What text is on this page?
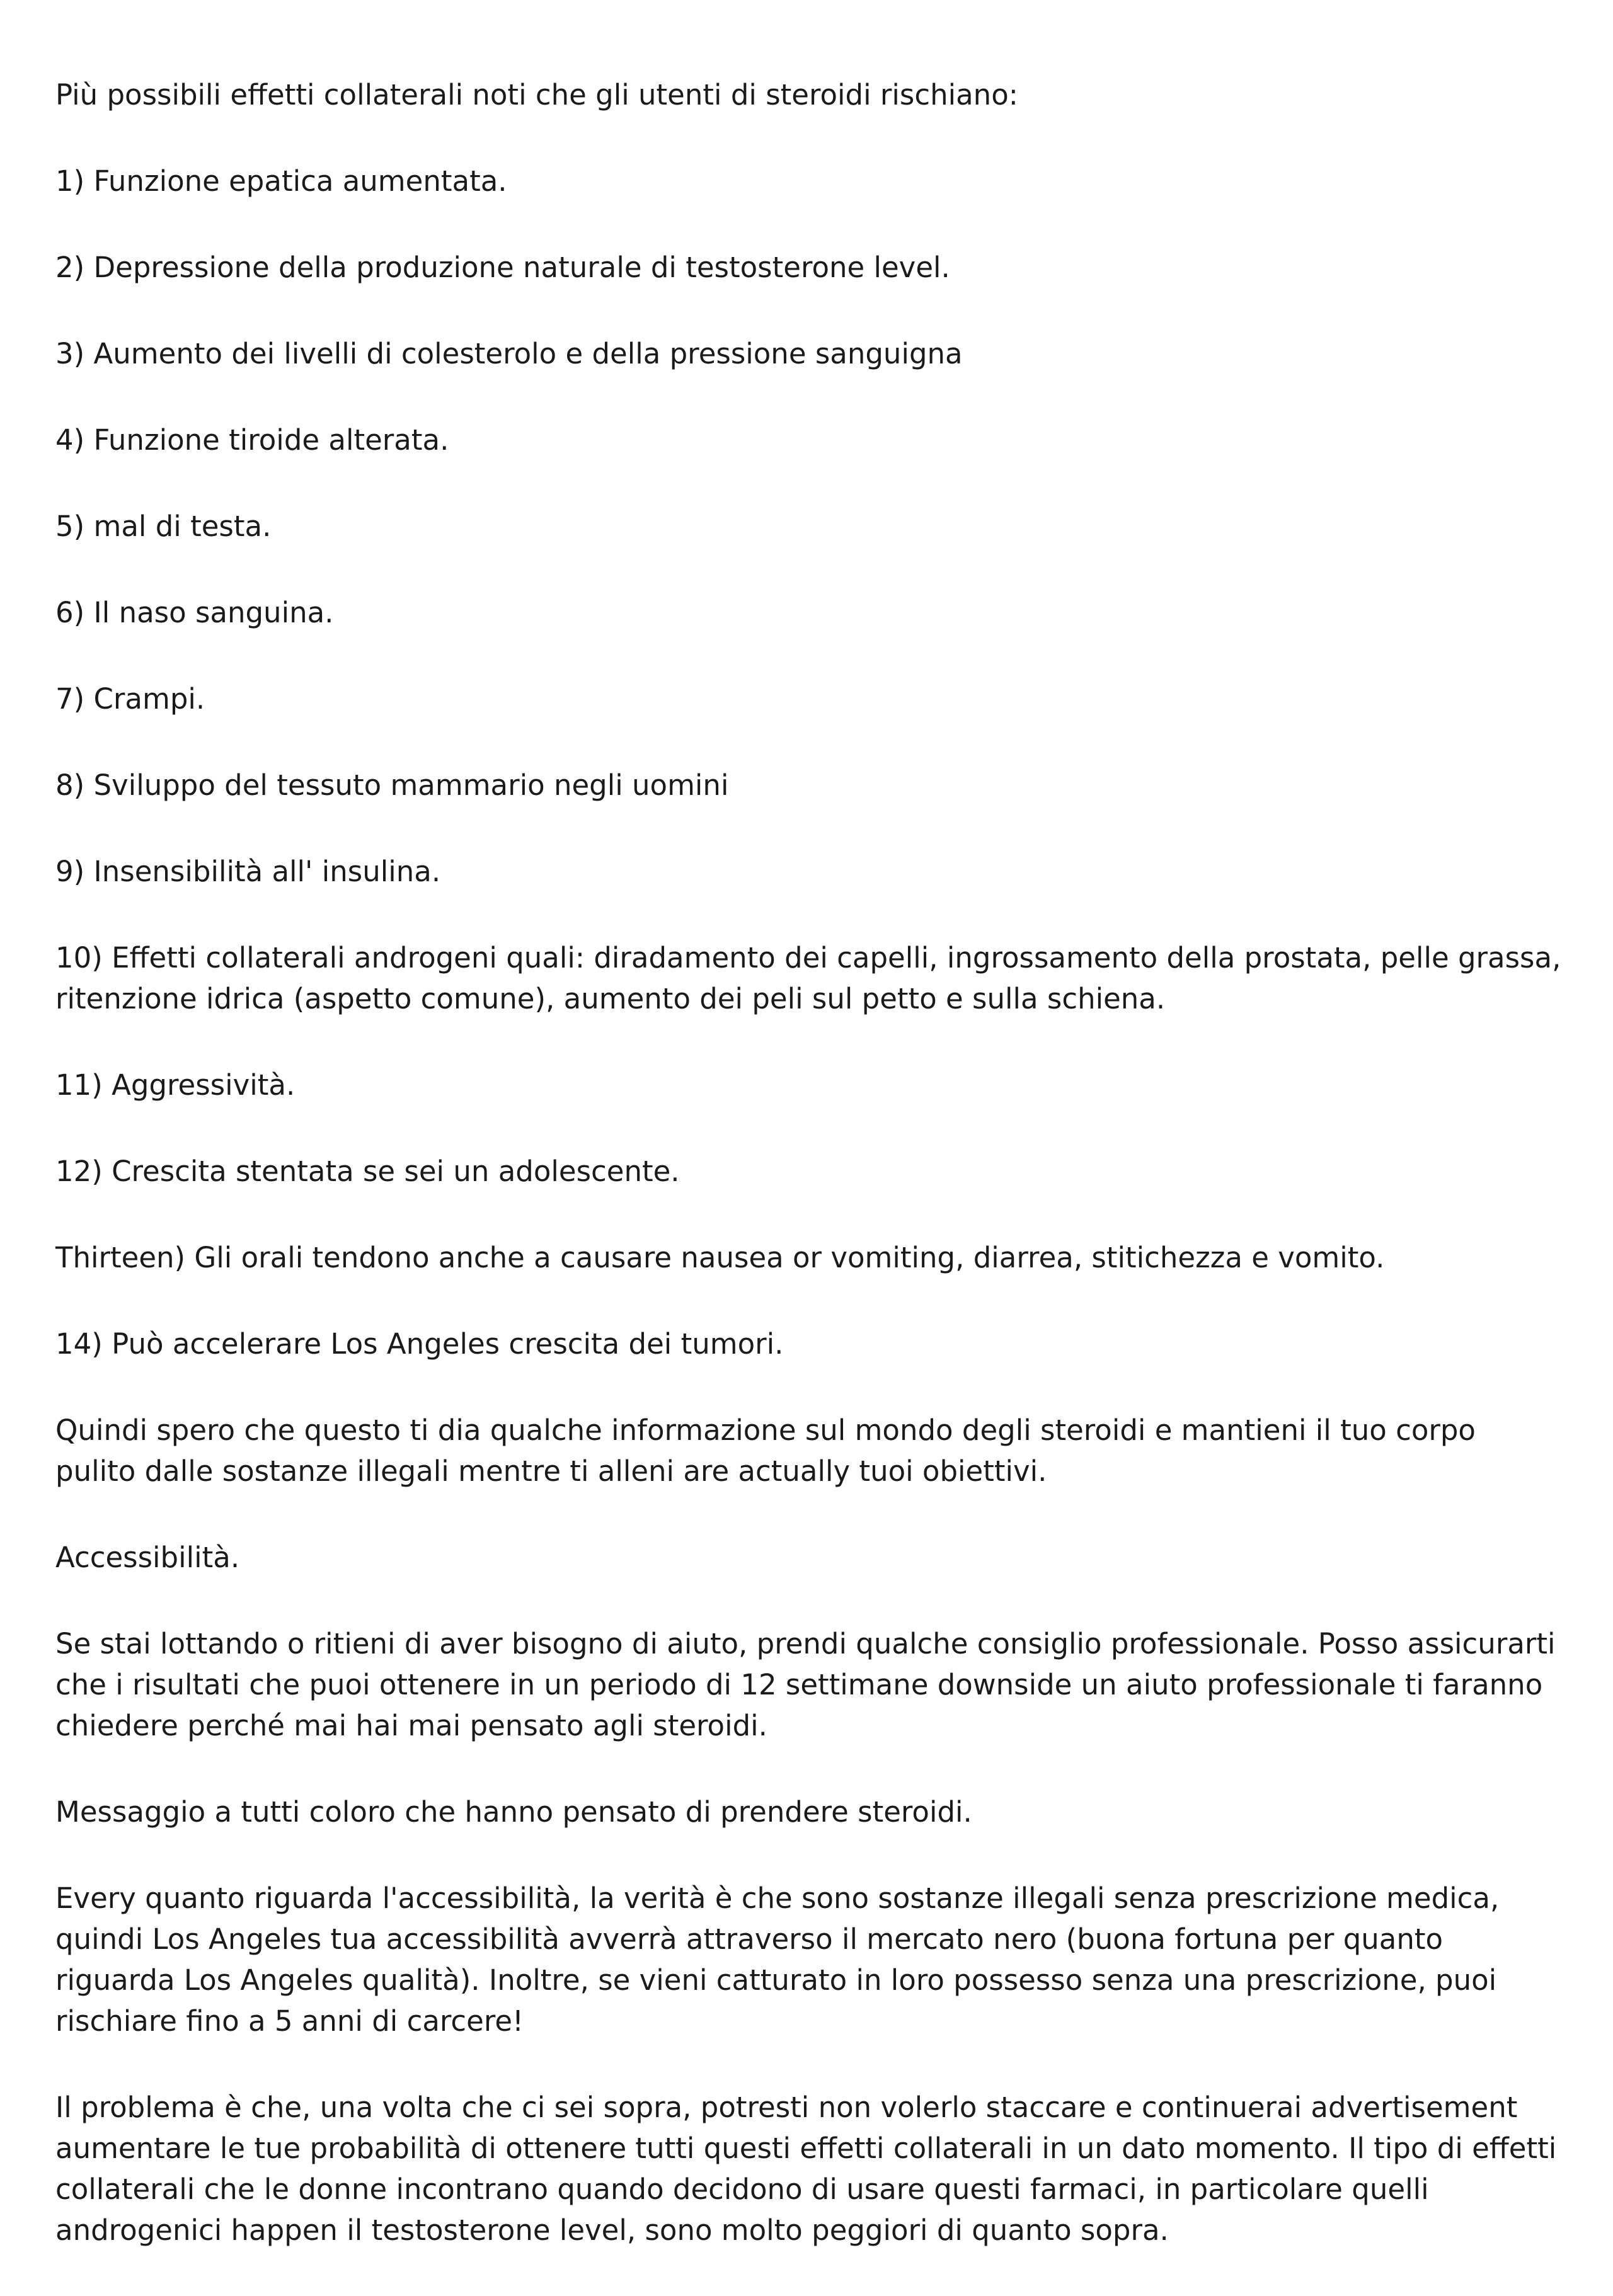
Più possibili effetti collaterali noti che gli utenti di steroidi rischiano:

1) Funzione epatica aumentata.

2) Depressione della produzione naturale di testosterone level.

3) Aumento dei livelli di colesterolo e della pressione sanguigna

4) Funzione tiroide alterata.

5) mal di testa.

6) Il naso sanguina.

7) Crampi.

8) Sviluppo del tessuto mammario negli uomini

9) Insensibilità all' insulina.

10) Effetti collaterali androgeni quali: diradamento dei capelli, ingrossamento della prostata, pelle grassa, ritenzione idrica (aspetto comune), aumento dei peli sul petto e sulla schiena.

11) Aggressività.

12) Crescita stentata se sei un adolescente.

Thirteen) Gli orali tendono anche a causare nausea or vomiting, diarrea, stitichezza e vomito.

14) Può accelerare Los Angeles crescita dei tumori.

Quindi spero che questo ti dia qualche informazione sul mondo degli steroidi e mantieni il tuo corpo pulito dalle sostanze illegali mentre ti alleni are actually tuoi obiettivi.

Accessibilità.

Se stai lottando o ritieni di aver bisogno di aiuto, prendi qualche consiglio professionale. Posso assicurarti che i risultati che puoi ottenere in un periodo di 12 settimane downside un aiuto professionale ti faranno chiedere perché mai hai mai pensato agli steroidi.

Messaggio a tutti coloro che hanno pensato di prendere steroidi.

Every quanto riguarda l'accessibilità, la verità è che sono sostanze illegali senza prescrizione medica, quindi Los Angeles tua accessibilità avverrà attraverso il mercato nero (buona fortuna per quanto riguarda Los Angeles qualità). Inoltre, se vieni catturato in loro possesso senza una prescrizione, puoi rischiare fino a 5 anni di carcere!

Il problema è che, una volta che ci sei sopra, potresti non volerlo staccare e continuerai advertisement aumentare le tue probabilità di ottenere tutti questi effetti collaterali in un dato momento. Il tipo di effetti collaterali che le donne incontrano quando decidono di usare questi farmaci, in particolare quelli androgenici happen il testosterone level, sono molto peggiori di quanto sopra.
